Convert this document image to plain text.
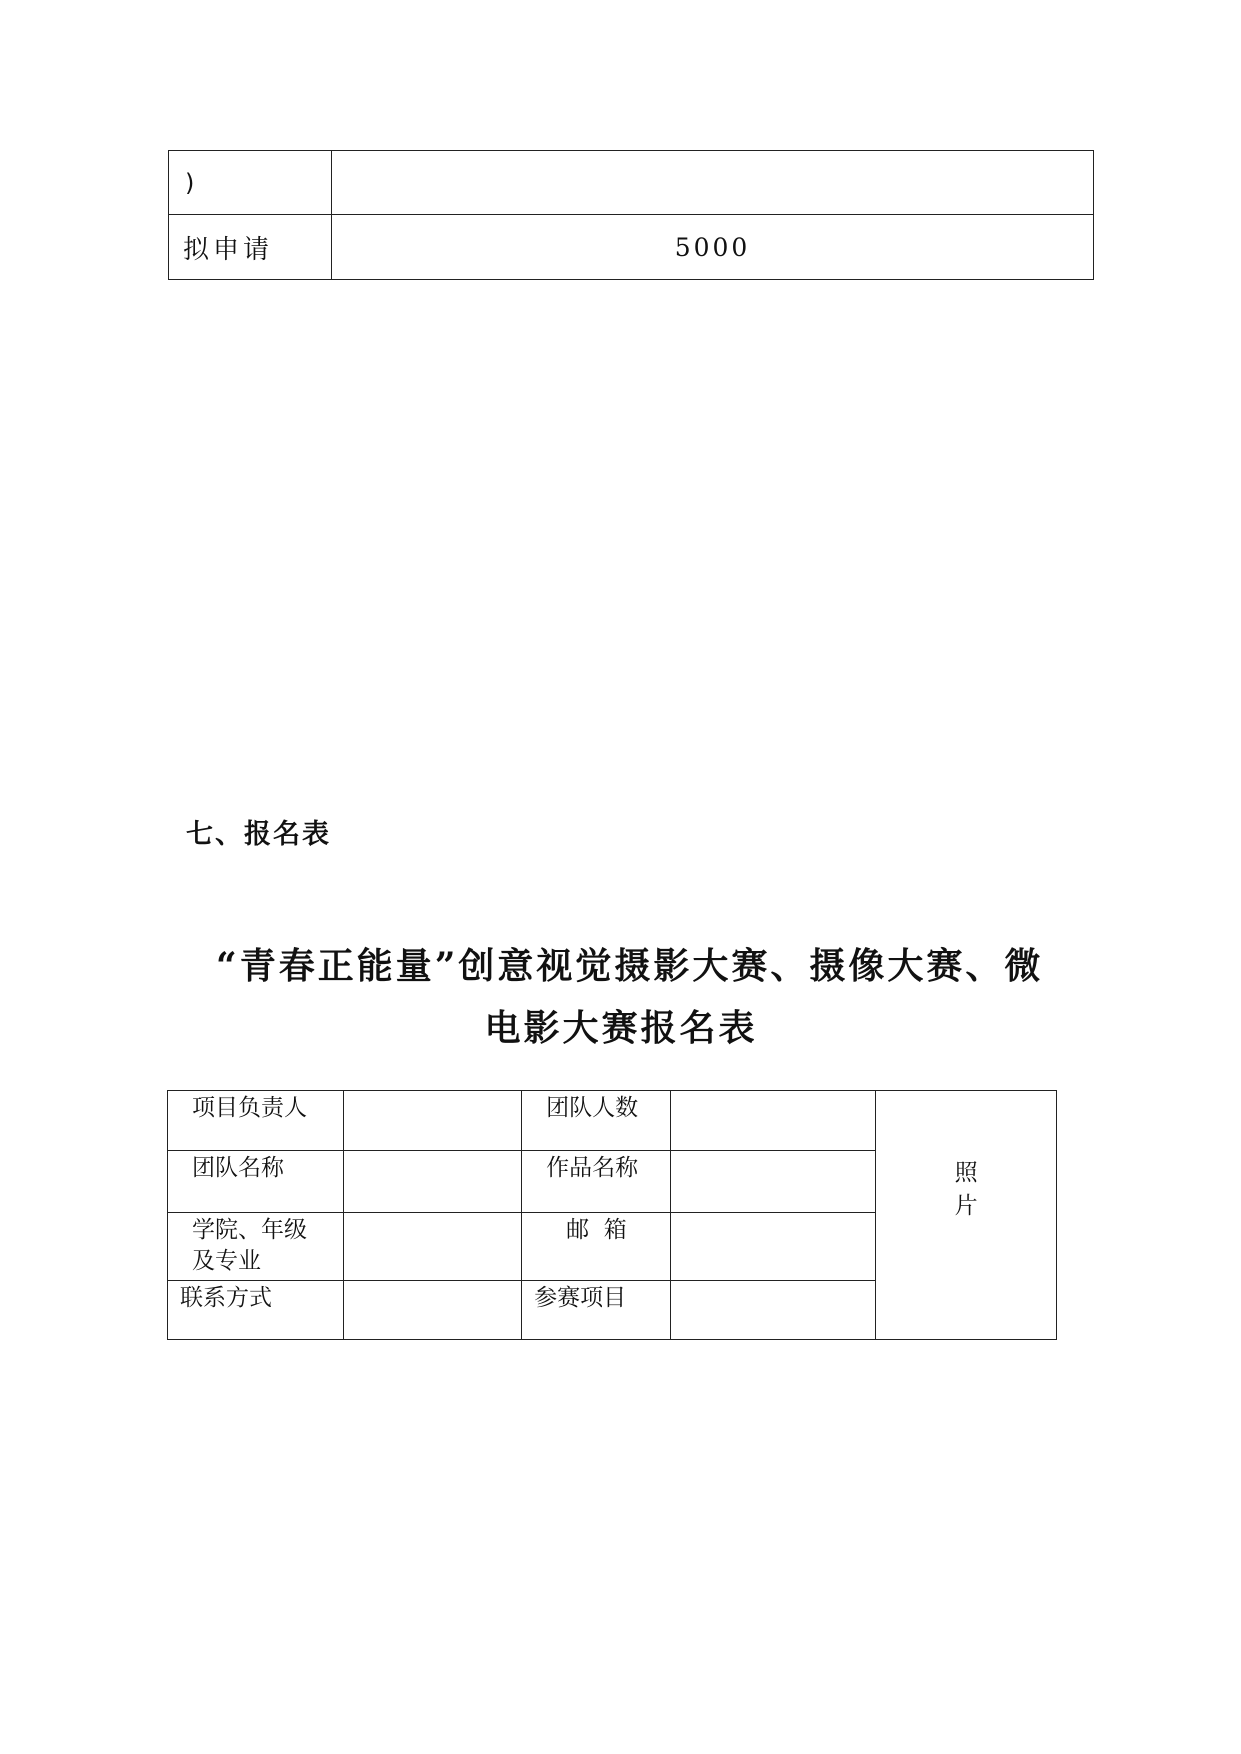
)	
拟申请	5000
七、报名表
“青春正能量”创意视觉摄影大赛、摄像大赛、微
电影大赛报名表
项目负责人		团队人数		照片
团队名称		作品名称		
学院、年级
及专业		邮  箱		
联系方式		参赛项目		
